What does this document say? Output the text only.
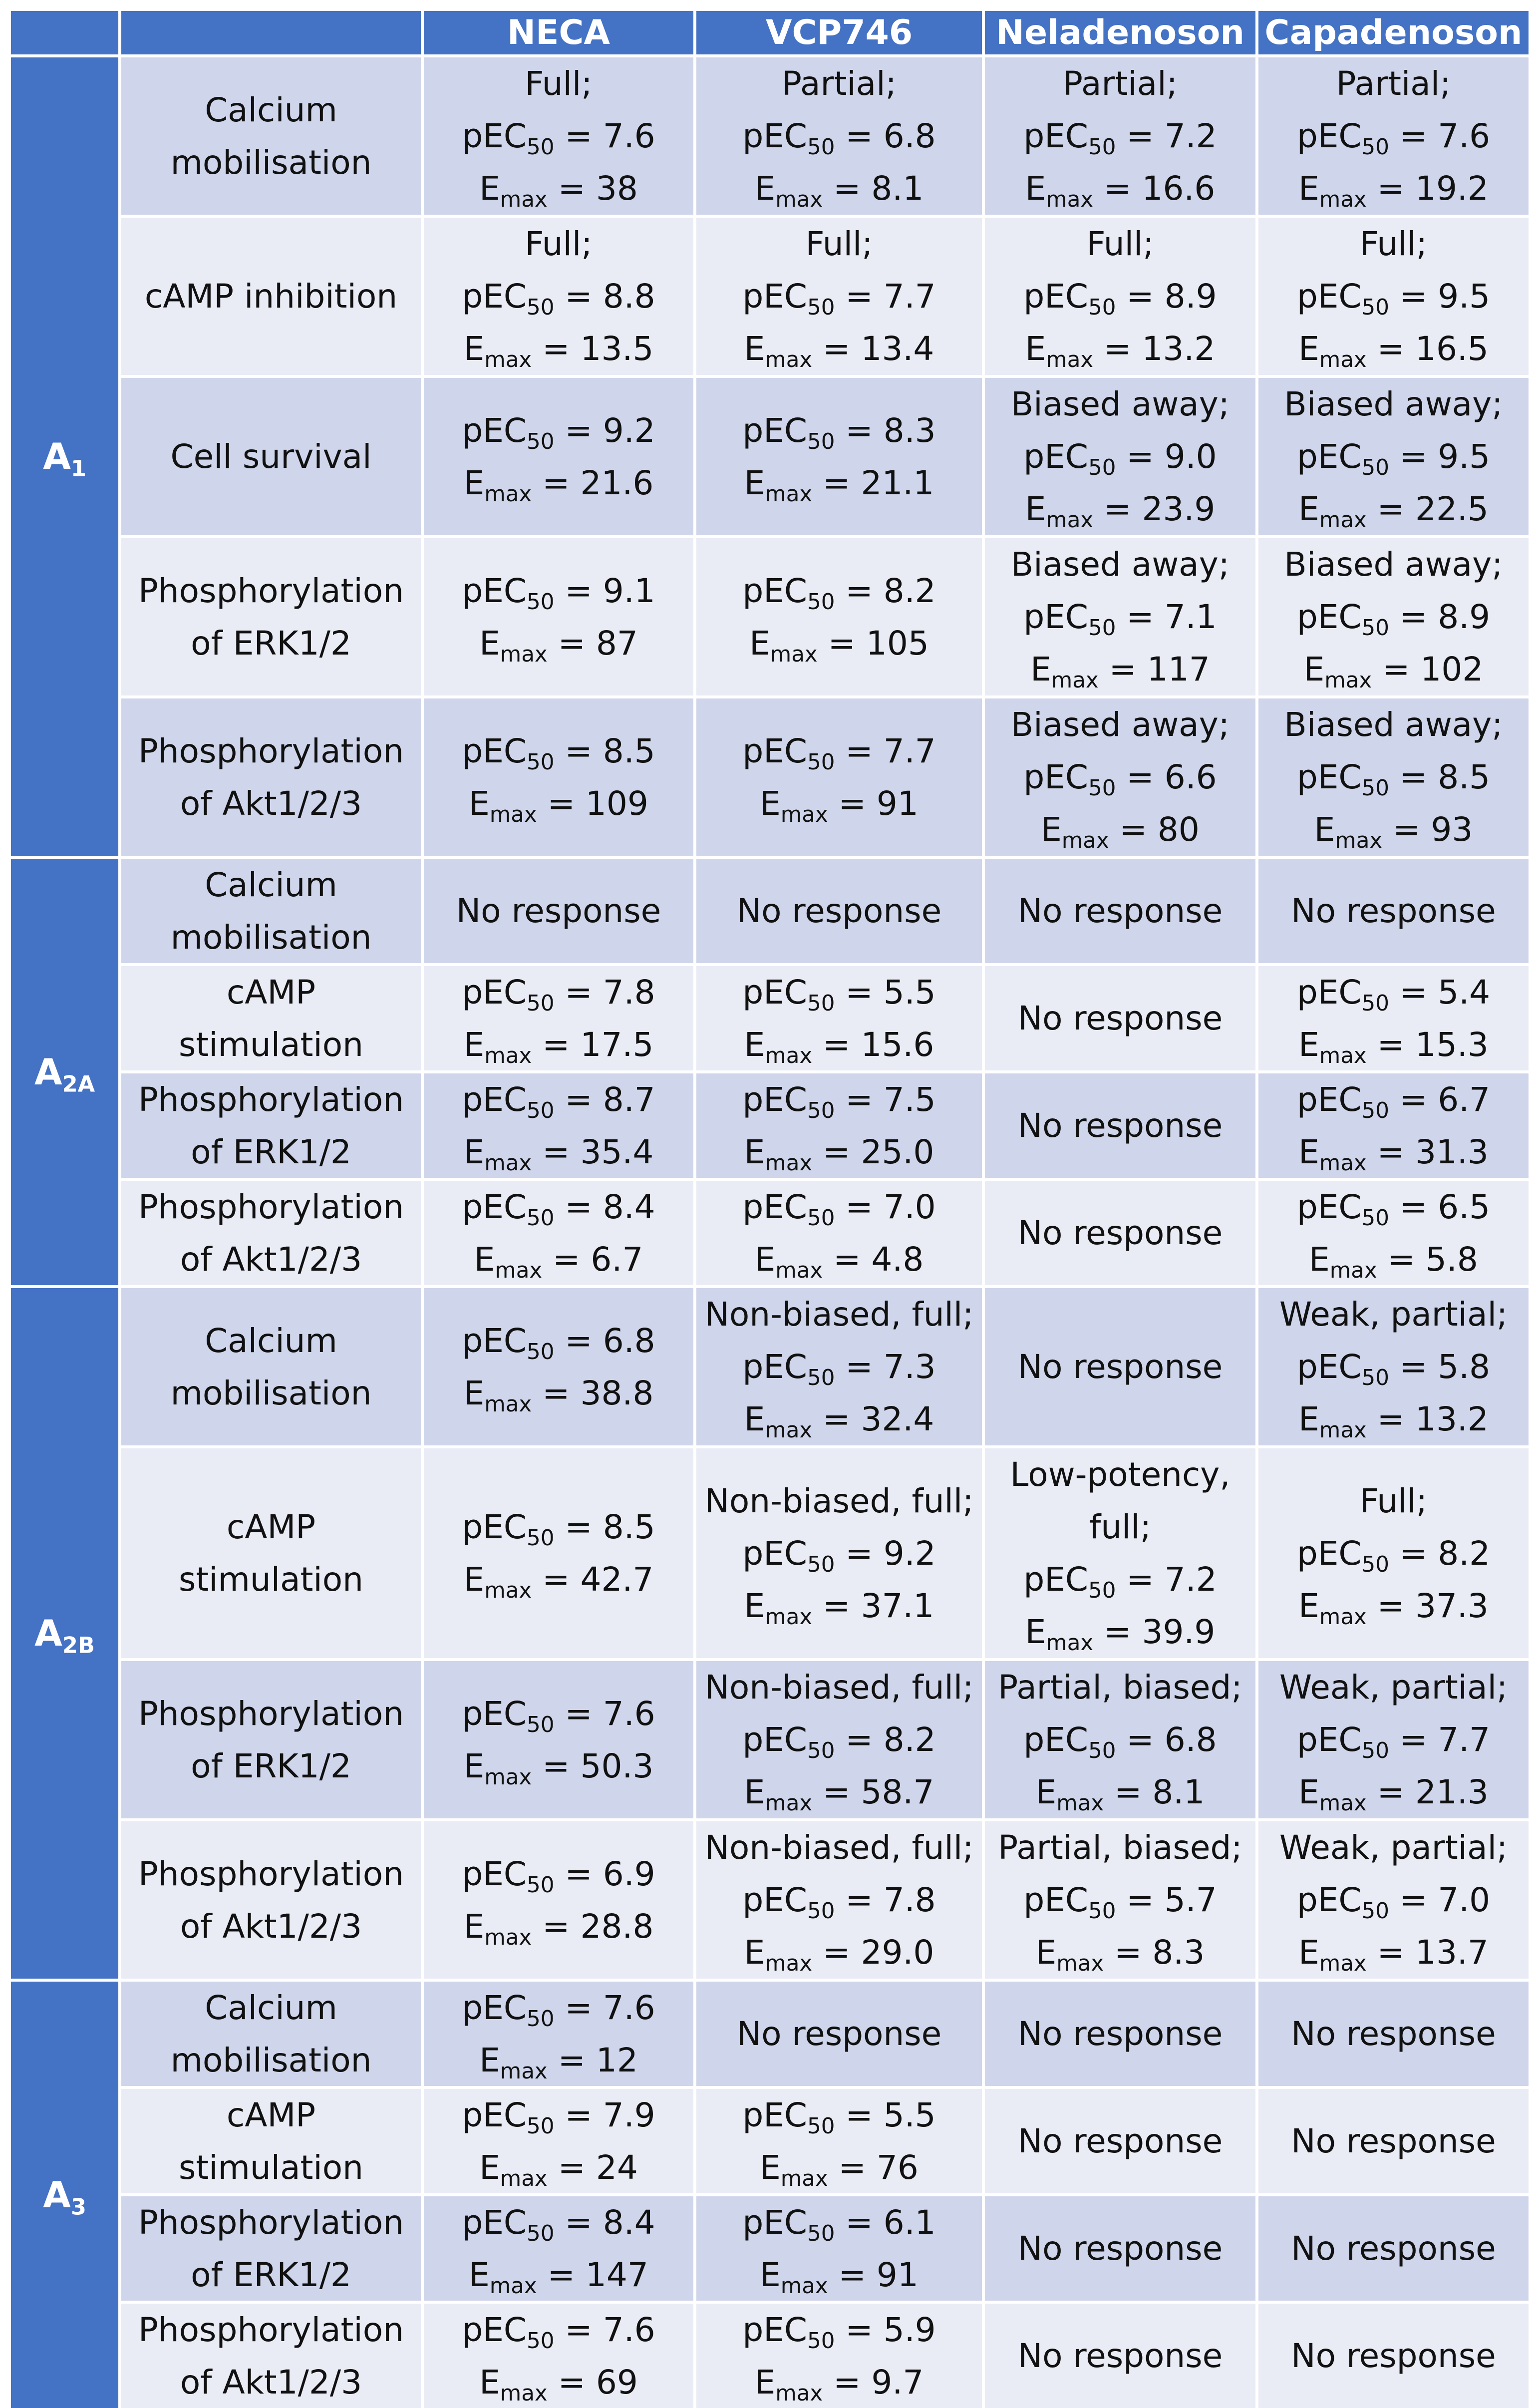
NECA	VCP746	Neladenoson Capadenoson
$A_1$
Calcium
mobilisation
Full;
pEC$_{50}$ = 7.6
$E_{max} = 38$
Partial;
pEC$_{50}$ = 6.8
$E_{max} = 8.1$
Partial;
pEC$_{50}$ = 7.2
$E_{max} = 16.6$
Partial;
pEC$_{50}$ = 7.6
$E_{max} = 19.2$
cAMP inhibition
Full;
pEC$_{50}$ = 8.8
$E_{max} = 13.5$
Full;
pEC$_{50}$ = 7.7
$E_{max} = 13.4$
Full;
pEC$_{50}$ = 8.9
$E_{max} = 13.2$
Full;
pEC$_{50}$ = 9.5
$E_{max} = 16.5$
Cell survival
pEC$_{50}$ = 9.2
$E_{max} = 21.6$
pEC$_{50}$ = 8.3
$E_{max} = 21.1$
Biased away;
pEC$_{50}$ = 9.0
$E_{max} = 23.9$
Biased away;
pEC$_{50}$ = 9.5
$E_{max} = 22.5$
Phosphorylation
of ERK1/2
pEC$_{50}$ = 9.1
$E_{max} = 87$
pEC$_{50}$ = 8.2
$E_{max} = 105$
Biased away;
pEC$_{50}$ = 7.1
$E_{max} = 117$
Biased away;
pEC$_{50}$ = 8.9
$E_{max} = 102$
Phosphorylation
of Akt1/2/3
pEC$_{50}$ = 8.5
$E_{max} = 109$
pEC$_{50}$ = 7.7
$E_{max} = 91$
Biased away;
pEC$_{50}$ = 6.6
$E_{max} = 80$
Biased away;
pEC$_{50}$ = 8.5
$E_{max} = 93$
$A_{2A}$
Calcium
mobilisation
No response No response No response No response
cAMP
stimulation
pEC$_{50}$ = 7.8
$E_{max} = 17.5$
pEC$_{50}$ = 5.5
$E_{max} = 15.6$
No response
pEC$_{50}$ = 5.4
$E_{max} = 15.3$
Phosphorylation
of ERK1/2
pEC$_{50}$ = 8.7
$E_{max} = 35.4$
pEC$_{50}$ = 7.5
$E_{max} = 25.0$
No response
pEC$_{50}$ = 6.7
$E_{max} = 31.3$
Phosphorylation
of Akt1/2/3
pEC$_{50}$ = 8.4
$E_{max} = 6.7$
pEC$_{50}$ = 7.0
$E_{max} = 4.8$
No response
pEC$_{50}$ = 6.5
$E_{max} = 5.8$
$A_{2B}$
Calcium
mobilisation
pEC$_{50}$ = 6.8
$E_{max} = 38.8$
Non-biased, full;
pEC$_{50}$ = 7.3
$E_{max} = 32.4$
No response
Weak, partial;
pEC$_{50}$ = 5.8
$E_{max} = 13.2$
cAMP
stimulation
pEC$_{50}$ = 8.5
$E_{max} = 42.7$
Non-biased, full;
pEC$_{50}$ = 9.2
$E_{max} = 37.1$
Low-potency,
full;
pEC$_{50}$ = 7.2
$E_{max} = 39.9$
Full;
pEC$_{50}$ = 8.2
$E_{max} = 37.3$
Phosphorylation
of ERK1/2
pEC$_{50}$ = 7.6
$E_{max} = 50.3$
Non-biased, full;
pEC$_{50}$ = 8.2
$E_{max} = 58.7$
Partial, biased;
pEC$_{50}$ = 6.8
$E_{max} = 8.1$
Weak, partial;
pEC$_{50}$ = 7.7
$E_{max} = 21.3$
Phosphorylation
of Akt1/2/3
pEC$_{50}$ = 6.9
$E_{max} = 28.8$
Non-biased, full;
pEC$_{50}$ = 7.8
$E_{max} = 29.0$
Partial, biased;
pEC$_{50}$ = 5.7
$E_{max} = 8.3$
Weak, partial;
pEC$_{50}$ = 7.0
$E_{max} = 13.7$
$A_3$
Calcium
mobilisation
pEC$_{50}$ = 7.6
$E_{max} = 12$
No response No response No response
cAMP
stimulation
pEC$_{50}$ = 7.9
$E_{max} = 24$
pEC$_{50}$ = 5.5
$E_{max} = 76$
No response No response
Phosphorylation
of ERK1/2
pEC$_{50}$ = 8.4
$E_{max} = 147$
pEC$_{50}$ = 6.1
$E_{max} = 91$
No response No response
Phosphorylation
of Akt1/2/3
pEC$_{50}$ = 7.6
$E_{max} = 69$
pEC$_{50}$ = 5.9
$E_{max} = 9.7$
No response No response
